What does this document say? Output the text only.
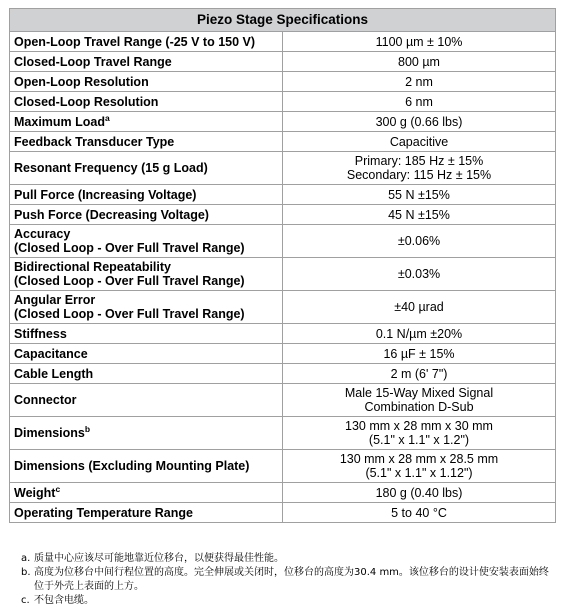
Piezo Stage Specifications	
Open-Loop Travel Range (-25 V to 150 V)	1100 µm ± 10%

Closed-Loop Travel Range	800 µm

Open-Loop Resolution	2 nm

Closed-Loop Resolution	6 nm

Maximum Load$^a$	300 g (0.66 lbs)

Feedback Transducer Type	Capacitive

Resonant Frequency (15 g Load)	Primary: 185 Hz ± 15%
Secondary: 115 Hz ± 15%

Pull Force (Increasing Voltage)	55 N ±15%

Push Force (Decreasing Voltage)	45 N ±15%

Accuracy
(Closed Loop - Over Full Travel Range)	±0.06%

Bidirectional Repeatability
(Closed Loop - Over Full Travel Range)	±0.03%

Angular Error
(Closed Loop - Over Full Travel Range)	±40 µrad

Stiffness	0.1 N/µm ±20%

Capacitance	16 µF ± 15%

Cable Length	2 m (6' 7")

Connector	Male 15-Way Mixed Signal
Combination D-Sub

Dimensions$^b$	130 mm x 28 mm x 30 mm
(5.1" x 1.1" x 1.2")

Dimensions (Excluding Mounting Plate)	130 mm x 28 mm x 28.5 mm
(5.1" x 1.1" x 1.12")

Weight$^c$	180 g (0.40 lbs)

Operating Temperature Range	5 to 40 °C
a. 质量中心应该尽可能地靠近位移台，以便获得最佳性能。
b. 高度为位移台中间行程位置的高度。完全伸展或关闭时，位移台的高度为30.4 mm。该位移台的设计使安装表面始终位于外壳上表面的上方。
c. 不包含电缆。
